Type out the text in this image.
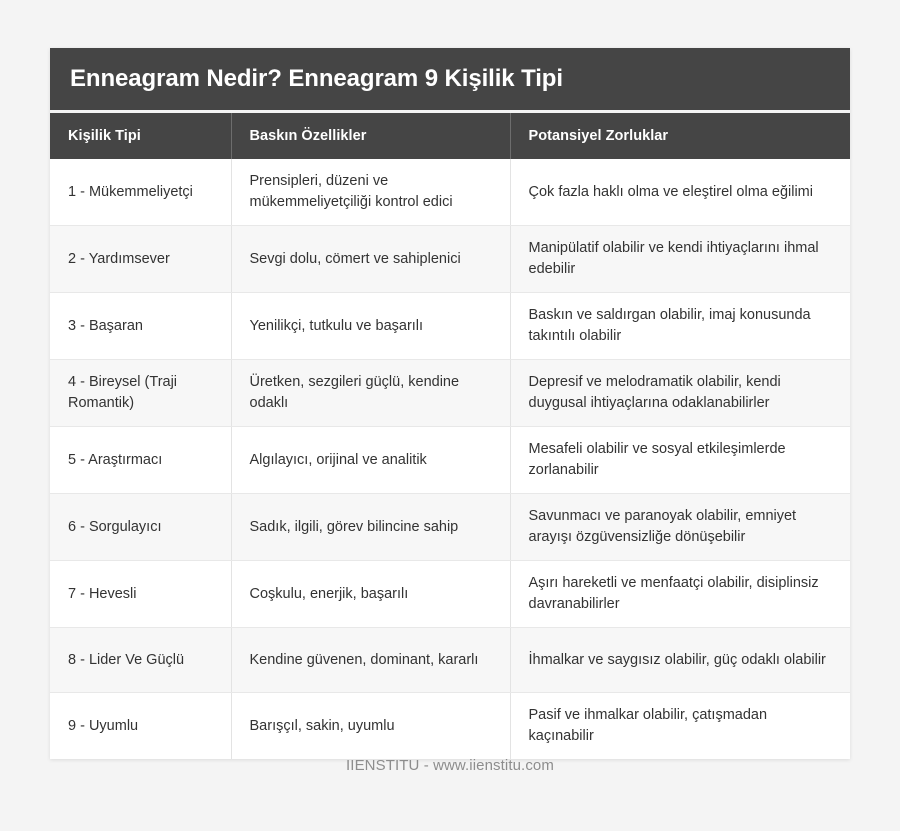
Enneagram Nedir? Enneagram 9 Kişilik Tipi
Kişilik Tipi	Baskın Özellikler	Potansiyel Zorluklar
1 - Mükemmeliyetçi	Prensipleri, düzeni ve mükemmeliyetçiliği kontrol edici	Çok fazla haklı olma ve eleştirel olma eğilimi
2 - Yardımsever	Sevgi dolu, cömert ve sahiplenici	Manipülatif olabilir ve kendi ihtiyaçlarını ihmal edebilir
3 - Başaran	Yenilikçi, tutkulu ve başarılı	Baskın ve saldırgan olabilir, imaj konusunda takıntılı olabilir
4 - Bireysel (Traji Romantik)	Üretken, sezgileri güçlü, kendine odaklı	Depresif ve melodramatik olabilir, kendi duygusal ihtiyaçlarına odaklanabilirler
5 - Araştırmacı	Algılayıcı, orijinal ve analitik	Mesafeli olabilir ve sosyal etkileşimlerde zorlanabilir
6 - Sorgulayıcı	Sadık, ilgili, görev bilincine sahip	Savunmacı ve paranoyak olabilir, emniyet arayışı özgüvensizliğe dönüşebilir
7 - Hevesli	Coşkulu, enerjik, başarılı	Aşırı hareketli ve menfaatçi olabilir, disiplinsiz davranabilirler
8 - Lider Ve Güçlü	Kendine güvenen, dominant, kararlı	İhmalkar ve saygısız olabilir, güç odaklı olabilir
9 - Uyumlu	Barışçıl, sakin, uyumlu	Pasif ve ihmalkar olabilir, çatışmadan kaçınabilir
IIENSTITU - www.iienstitu.com
